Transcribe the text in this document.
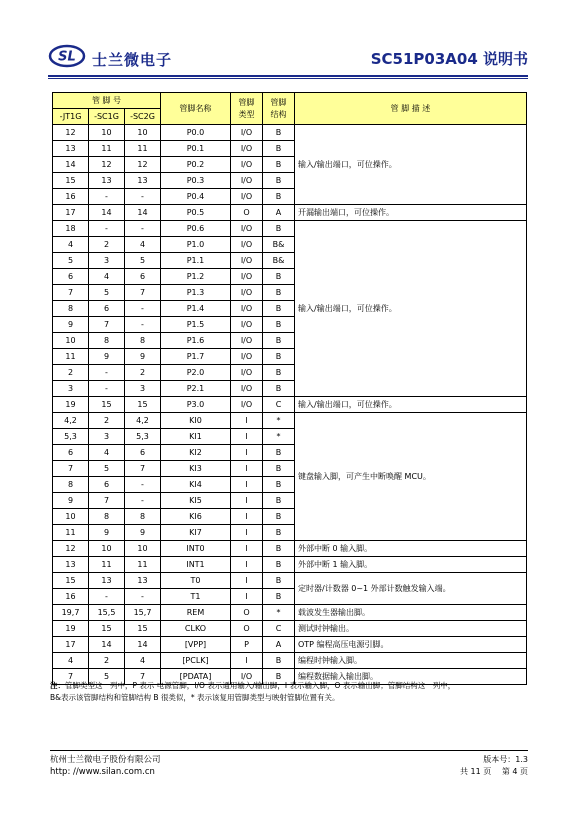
SL 士兰微电子	SC51P03A04 说明书
管 脚 号			管脚名称	管脚类型	管脚结构	管 脚 描 述
-JT1G	-SC1G	-SC2G				
12	10	10	P0.0	I/O	B	输入/输出端口，可位操作。
13	11	11	P0.1	I/O	B	
14	12	12	P0.2	I/O	B	
15	13	13	P0.3	I/O	B	
16	-	-	P0.4	I/O	B	
17	14	14	P0.5	O	A	开漏输出端口，可位操作。
18	-	-	P0.6	I/O	B	输入/输出端口，可位操作。
4	2	4	P1.0	I/O	B&	
5	3	5	P1.1	I/O	B&	
6	4	6	P1.2	I/O	B	
7	5	7	P1.3	I/O	B	
8	6	-	P1.4	I/O	B	
9	7	-	P1.5	I/O	B	
10	8	8	P1.6	I/O	B	
11	9	9	P1.7	I/O	B	
2	-	2	P2.0	I/O	B	
3	-	3	P2.1	I/O	B	
19	15	15	P3.0	I/O	C	输入/输出端口，可位操作。
4,2	2	4,2	KI0	I	*	键盘输入脚，可产生中断唤醒 MCU。
5,3	3	5,3	KI1	I	*	
6	4	6	KI2	I	B	
7	5	7	KI3	I	B	
8	6	-	KI4	I	B	
9	7	-	KI5	I	B	
10	8	8	KI6	I	B	
11	9	9	KI7	I	B	
12	10	10	INT0	I	B	外部中断 0 输入脚。
13	11	11	INT1	I	B	外部中断 1 输入脚。
15	13	13	T0	I	B	定时器/计数器 0~1 外部计数触发输入端。
16	-	-	T1	I	B	
19,7	15,5	15,7	REM	O	*	载波发生器输出脚。
19	15	15	CLKO	O	C	测试时钟输出。
17	14	14	[VPP]	P	A	OTP 编程高压电源引脚。
4	2	4	[PCLK]	I	B	编程时钟输入脚。
7	5	7	[PDATA]	I/O	B	编程数据输入输出脚。
注：管脚类型这一列中，P 表示 电源管脚，I/O 表示通用输入/输出脚，I 表示输入脚，O 表示输出脚；管脚结构这一列中，
B&表示该管脚结构和管脚结构 B 很类似，* 表示该复用管脚类型与映射管脚位置有关。
杭州士兰微电子股份有限公司
http: //www.silan.com.cn
版本号：1.3
共 11 页　 第 4 页
